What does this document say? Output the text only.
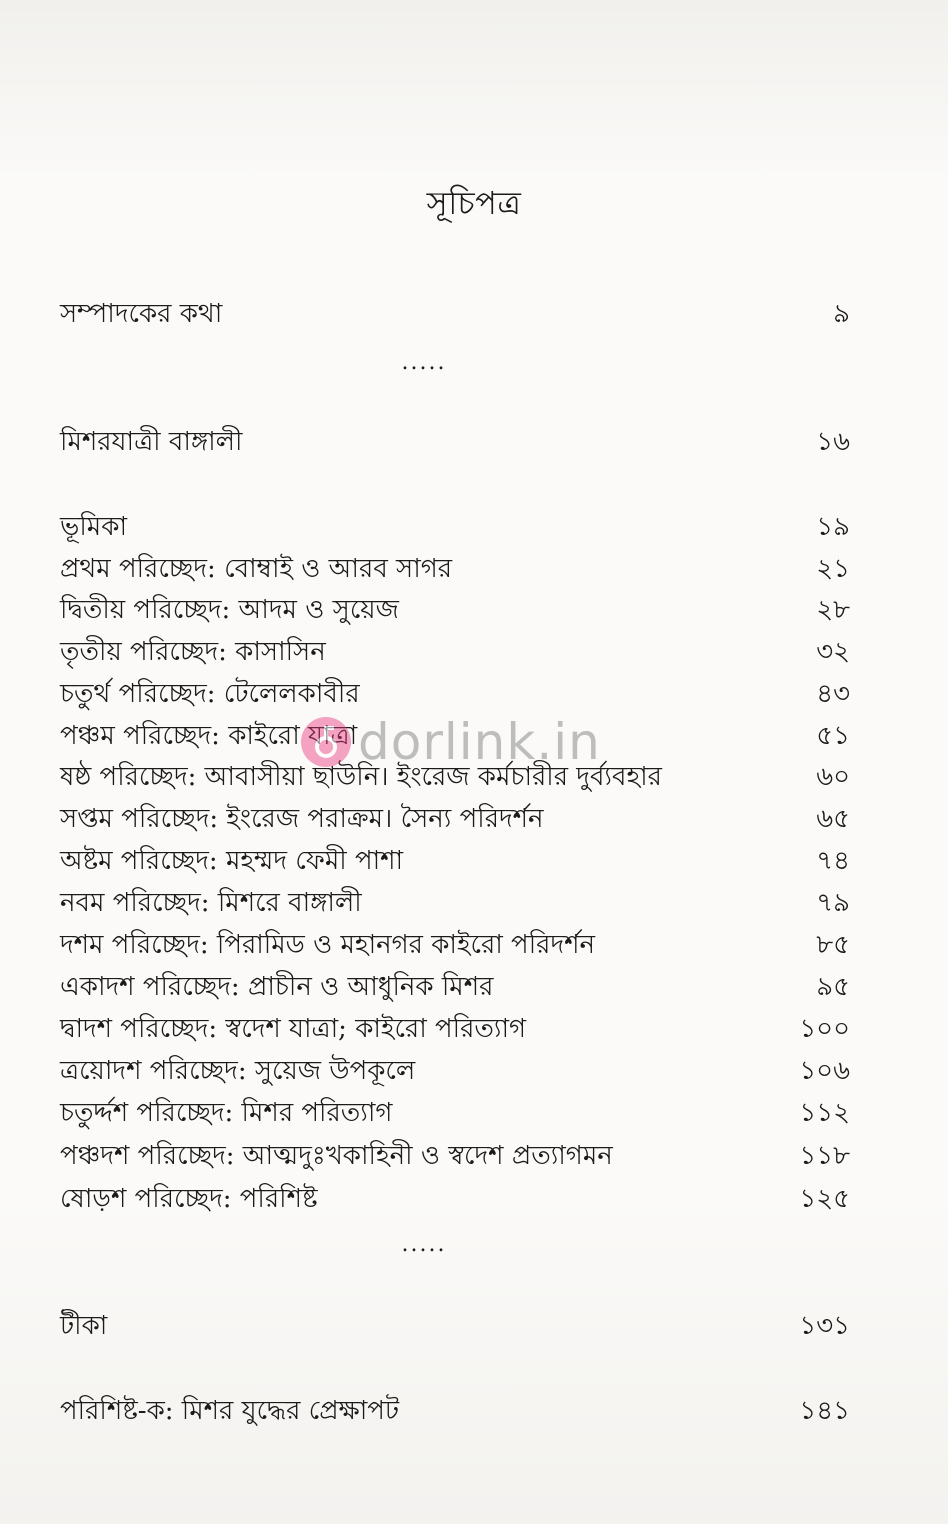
সূচিপত্র
সম্পাদকের কথা	৯
.....
মিশরযাত্রী বাঙ্গালী	১৬
ভূমিকা	১৯
প্রথম পরিচ্ছেদ: বোম্বাই ও আরব সাগর	২১
দ্বিতীয় পরিচ্ছেদ: আদম ও সুয়েজ	২৮
তৃতীয় পরিচ্ছেদ: কাসাসিন	৩২
চতুর্থ পরিচ্ছেদ: টেলেলকাবীর	৪৩
পঞ্চম পরিচ্ছেদ: কাইরো যাত্রা	৫১
ষষ্ঠ পরিচ্ছেদ: আবাসীয়া ছাউনি। ইংরেজ কর্মচারীর দুর্ব্যবহার	৬০
সপ্তম পরিচ্ছেদ: ইংরেজ পরাক্রম। সৈন্য পরিদর্শন	৬৫
অষ্টম পরিচ্ছেদ: মহম্মদ ফেমী পাশা	৭৪
নবম পরিচ্ছেদ: মিশরে বাঙ্গালী	৭৯
দশম পরিচ্ছেদ: পিরামিড ও মহানগর কাইরো পরিদর্শন	৮৫
একাদশ পরিচ্ছেদ: প্রাচীন ও আধুনিক মিশর	৯৫
দ্বাদশ পরিচ্ছেদ: স্বদেশ যাত্রা; কাইরো পরিত্যাগ	১০০
ত্রয়োদশ পরিচ্ছেদ: সুয়েজ উপকূলে	১০৬
চতুর্দ্দশ পরিচ্ছেদ: মিশর পরিত্যাগ	১১২
পঞ্চদশ পরিচ্ছেদ: আত্মদুঃখকাহিনী ও স্বদেশ প্রত্যাগমন	১১৮
ষোড়শ পরিচ্ছেদ: পরিশিষ্ট	১২৫
.....
টীকা	১৩১
পরিশিষ্ট-ক: মিশর যুদ্ধের প্রেক্ষাপট	১৪১
dorlink.in
